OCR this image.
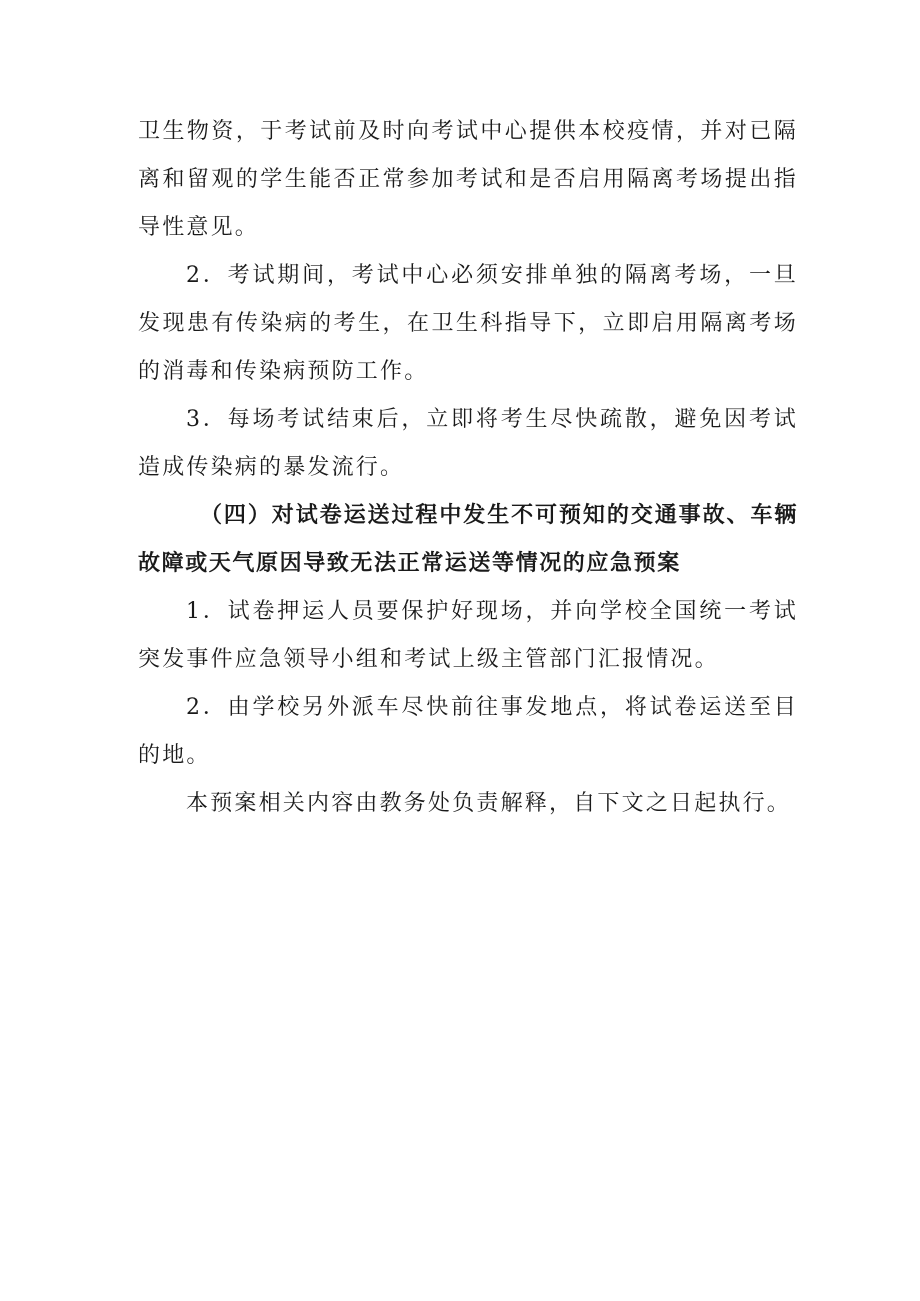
卫生物资，于考试前及时向考试中心提供本校疫情，并对已隔离和留观的学生能否正常参加考试和是否启用隔离考场提出指导性意见。

2．考试期间，考试中心必须安排单独的隔离考场，一旦发现患有传染病的考生，在卫生科指导下，立即启用隔离考场的消毒和传染病预防工作。

3．每场考试结束后，立即将考生尽快疏散，避免因考试造成传染病的暴发流行。

（四）对试卷运送过程中发生不可预知的交通事故、车辆故障或天气原因导致无法正常运送等情况的应急预案

1．试卷押运人员要保护好现场，并向学校全国统一考试突发事件应急领导小组和考试上级主管部门汇报情况。

2．由学校另外派车尽快前往事发地点，将试卷运送至目的地。

本预案相关内容由教务处负责解释，自下文之日起执行。
